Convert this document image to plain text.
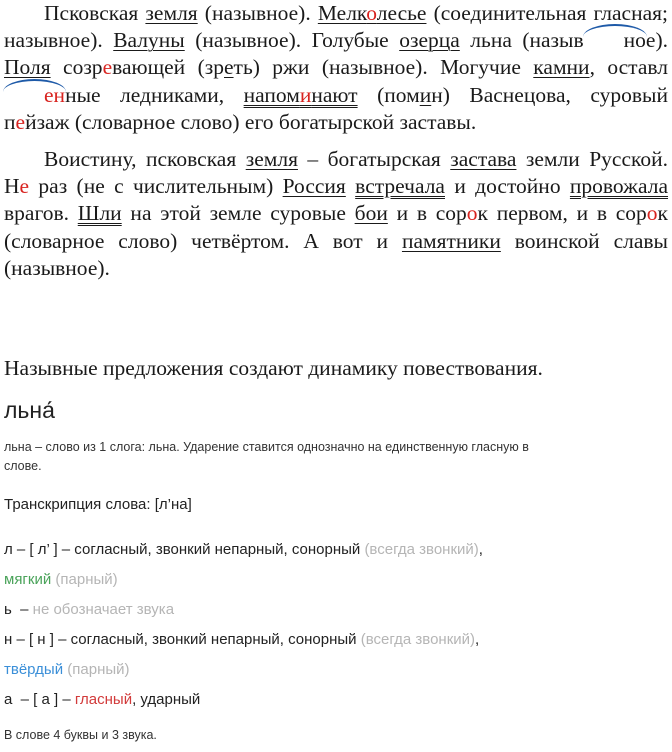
Псковская земля (назывное). Мелколесье (соединительная гласная; назывное). Валуны (назывное). Голубые озерца льна (назыв ное). Поля созревающей (зреть) ржи (назывное). Могучие камни, оставленные ледниками, напоминают (помин) Васнецова, суровый пейзаж (словарное слово) его богатырской заставы.

Воистину, псковская земля – богатырская застава земли Русской. Не раз (не с числительным) Россия встречала и достойно провожала врагов. Шли на этой земле суровые бои и в сорок первом, и в сорок (словарное слово) четвёртом. А вот и памятники воинской славы (назывное).

Назывные предложения создают динамику повествования.

льна́

льна – слово из 1 слога: льна. Ударение ставится однозначно на единственную гласную в слове.

Транскрипция слова: [л’на]

л – [ л’ ] – согласный, звонкий непарный, сонорный (всегда звонкий),

мягкий (парный)

ь  – не обозначает звука

н – [ н ] – согласный, звонкий непарный, сонорный (всегда звонкий),

твёрдый (парный)

а  – [ а ] – гласный, ударный

В слове 4 буквы и 3 звука.
